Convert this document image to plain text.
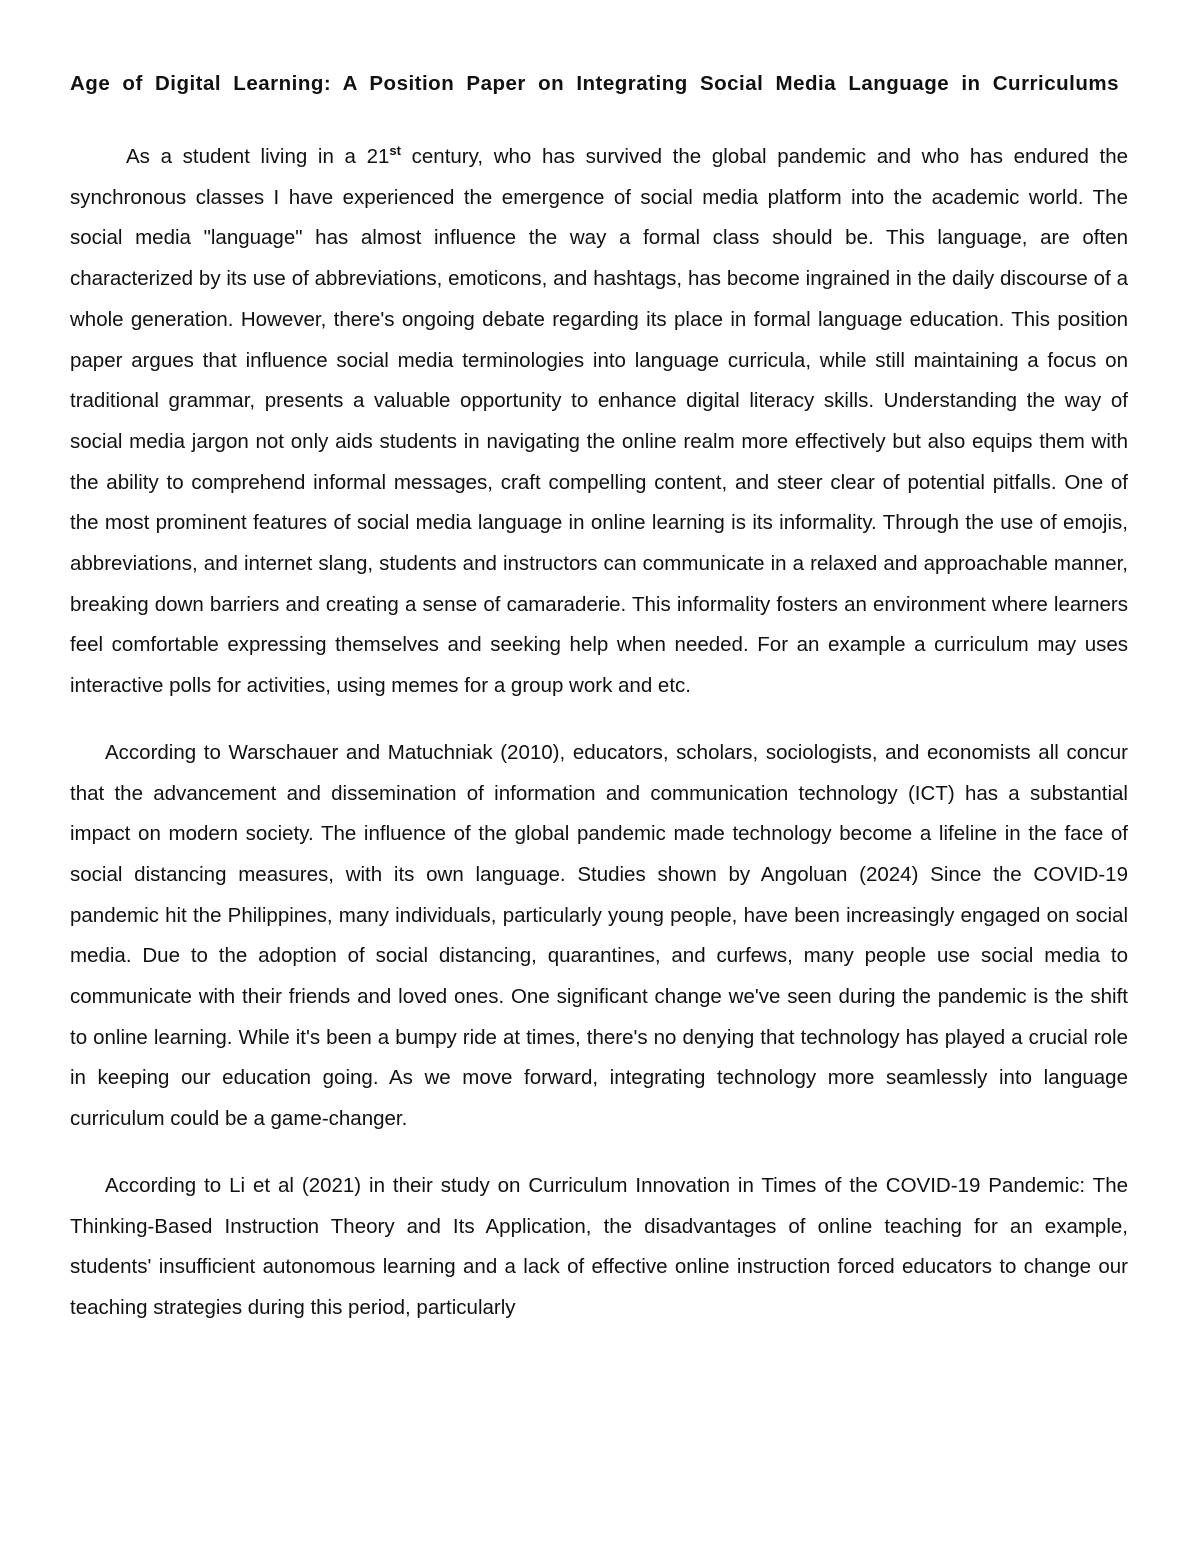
Age of Digital Learning: A Position Paper on Integrating Social Media Language in Curriculums

As a student living in a 21st century, who has survived the global pandemic and who has endured the synchronous classes I have experienced the emergence of social media platform into the academic world. The social media "language" has almost influence the way a formal class should be. This language, are often characterized by its use of abbreviations, emoticons, and hashtags, has become ingrained in the daily discourse of a whole generation. However, there's ongoing debate regarding its place in formal language education. This position paper argues that influence social media terminologies into language curricula, while still maintaining a focus on traditional grammar, presents a valuable opportunity to enhance digital literacy skills. Understanding the way of social media jargon not only aids students in navigating the online realm more effectively but also equips them with the ability to comprehend informal messages, craft compelling content, and steer clear of potential pitfalls. One of the most prominent features of social media language in online learning is its informality. Through the use of emojis, abbreviations, and internet slang, students and instructors can communicate in a relaxed and approachable manner, breaking down barriers and creating a sense of camaraderie. This informality fosters an environment where learners feel comfortable expressing themselves and seeking help when needed. For an example a curriculum may uses interactive polls for activities, using memes for a group work and etc.

According to Warschauer and Matuchniak (2010), educators, scholars, sociologists, and economists all concur that the advancement and dissemination of information and communication technology (ICT) has a substantial impact on modern society. The influence of the global pandemic made technology become a lifeline in the face of social distancing measures, with its own language. Studies shown by Angoluan (2024) Since the COVID-19 pandemic hit the Philippines, many individuals, particularly young people, have been increasingly engaged on social media. Due to the adoption of social distancing, quarantines, and curfews, many people use social media to communicate with their friends and loved ones. One significant change we've seen during the pandemic is the shift to online learning. While it's been a bumpy ride at times, there's no denying that technology has played a crucial role in keeping our education going. As we move forward, integrating technology more seamlessly into language curriculum could be a game-changer.

According to Li et al (2021) in their study on Curriculum Innovation in Times of the COVID-19 Pandemic: The Thinking-Based Instruction Theory and Its Application, the disadvantages of online teaching for an example, students' insufficient autonomous learning and a lack of effective online instruction forced educators to change our teaching strategies during this period, particularly
